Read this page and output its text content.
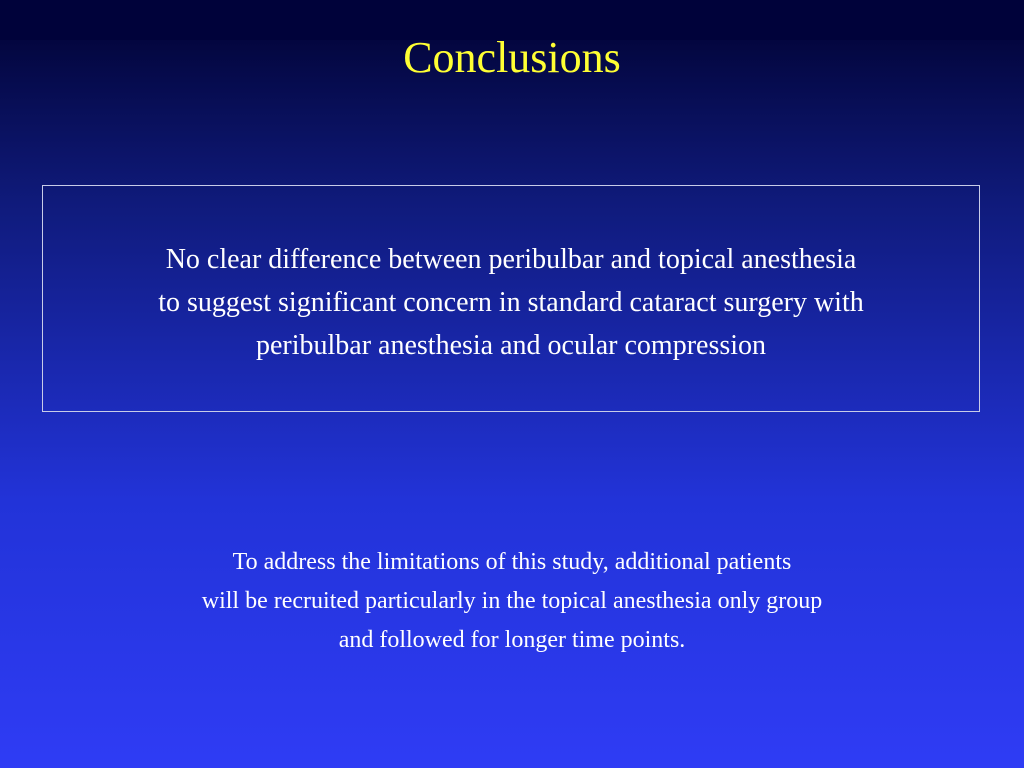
Conclusions

No clear difference between peribulbar and topical anesthesia
to suggest significant concern in standard cataract surgery with
peribulbar anesthesia and ocular compression

To address the limitations of this study, additional patients
will be recruited particularly in the topical anesthesia only group
and followed for longer time points.
